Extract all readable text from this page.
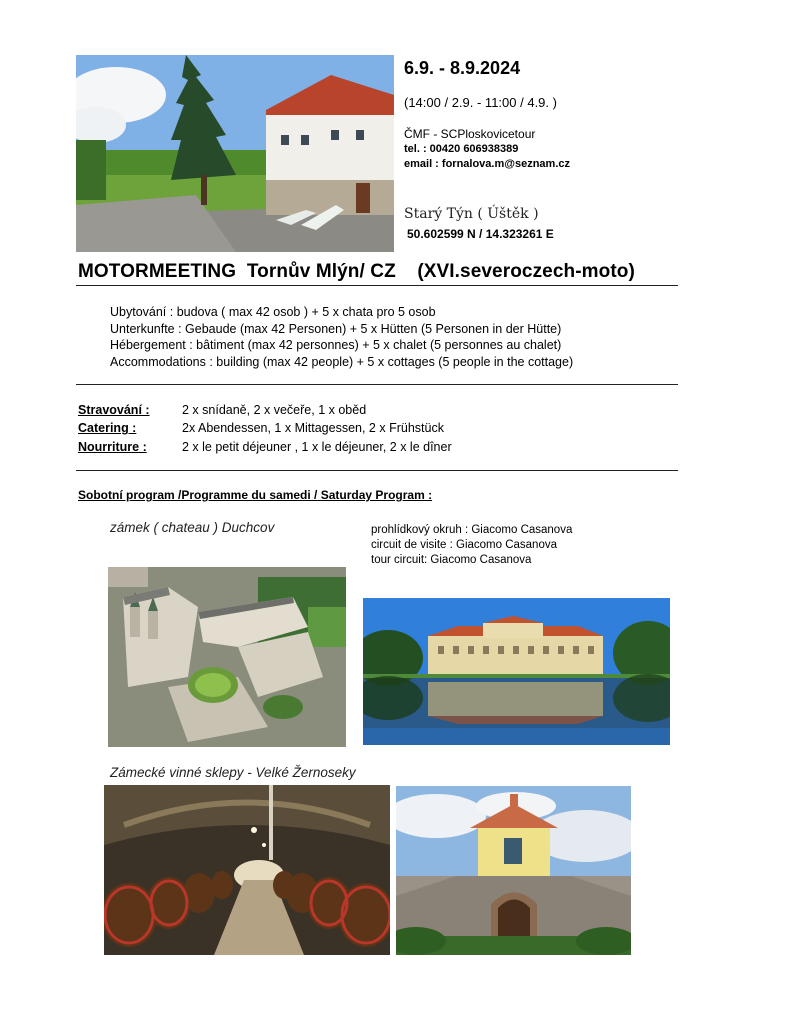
6.9. - 8.9.2024
(14:00 / 2.9. - 11:00 / 4.9. )
ČMF - SCPloskovicetour
tel. : 00420 606938389
email : fornalova.m@seznam.cz
Starý Týn ( Úštěk )
50.602599 N / 14.323261 E
MOTORMEETING  Tornův Mlýn/ CZ    (XVI.severoczech-moto)
Ubytování : budova ( max 42 osob ) + 5 x chata pro 5 osob
Unterkunfte : Gebaude (max 42 Personen) + 5 x Hütten (5 Personen in der Hütte)
Hébergement : bâtiment (max 42 personnes) + 5 x chalet (5 personnes au chalet)
Accommodations : building (max 42 people) + 5 x cottages (5 people in the cottage)
Stravování :	2 x snídaně, 2 x večeře, 1 x oběd
Catering :	2x Abendessen, 1 x Mittagessen, 2 x Frühstück
Nourriture :	2 x le petit déjeuner , 1 x le déjeuner, 2 x le dîner
Sobotní program /Programme du samedi / Saturday Program :
zámek ( chateau ) Duchcov	prohlídkový okruh : Giacomo Casanova
circuit de visite : Giacomo Casanova
tour circuit: Giacomo Casanova
Zámecké vinné sklepy - Velké Žernoseky
